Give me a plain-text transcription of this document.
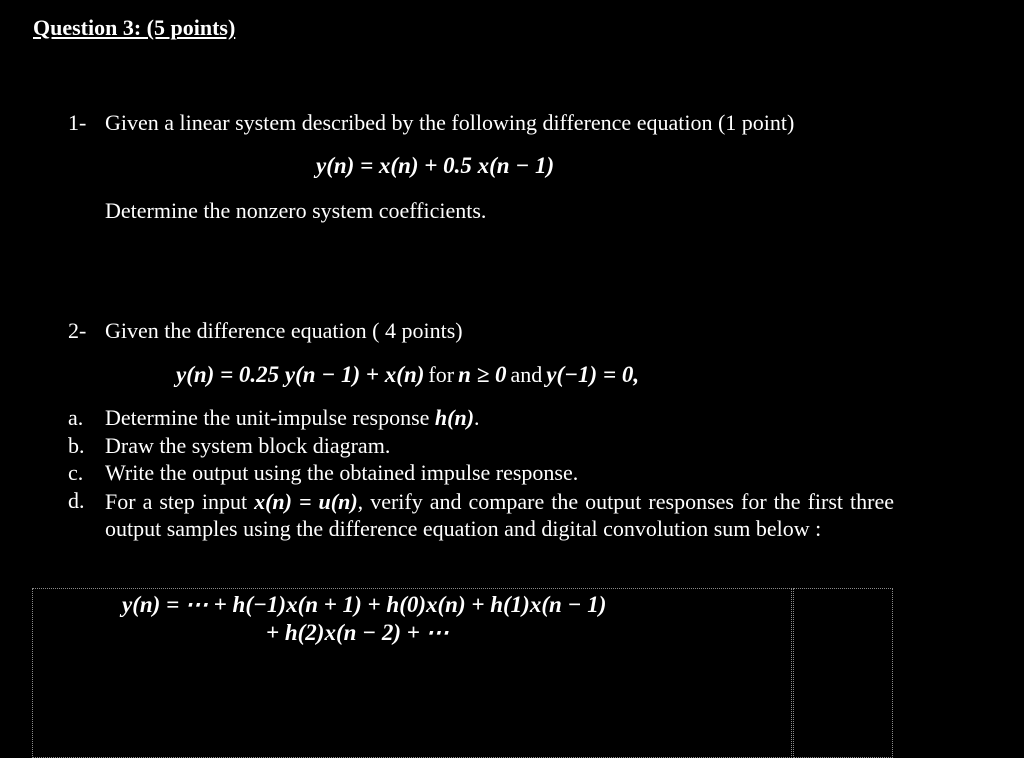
Question 3: (5 points)
1- Given a linear system described by the following difference equation (1 point)
y(n) = x(n) + 0.5 x(n − 1)
Determine the nonzero system coefficients.
2- Given the difference equation ( 4 points)
y(n) = 0.25 y(n − 1) + x(n) for n ≥ 0 and y(−1) = 0,
a. Determine the unit-impulse response h(n).
b. Draw the system block diagram.
c. Write the output using the obtained impulse response.
d. For a step input x(n) = u(n), verify and compare the output responses for the first three output samples using the difference equation and digital convolution sum below :
y(n) = ⋯ + h(−1)x(n + 1) + h(0)x(n) + h(1)x(n − 1)
+ h(2)x(n − 2) + ⋯
